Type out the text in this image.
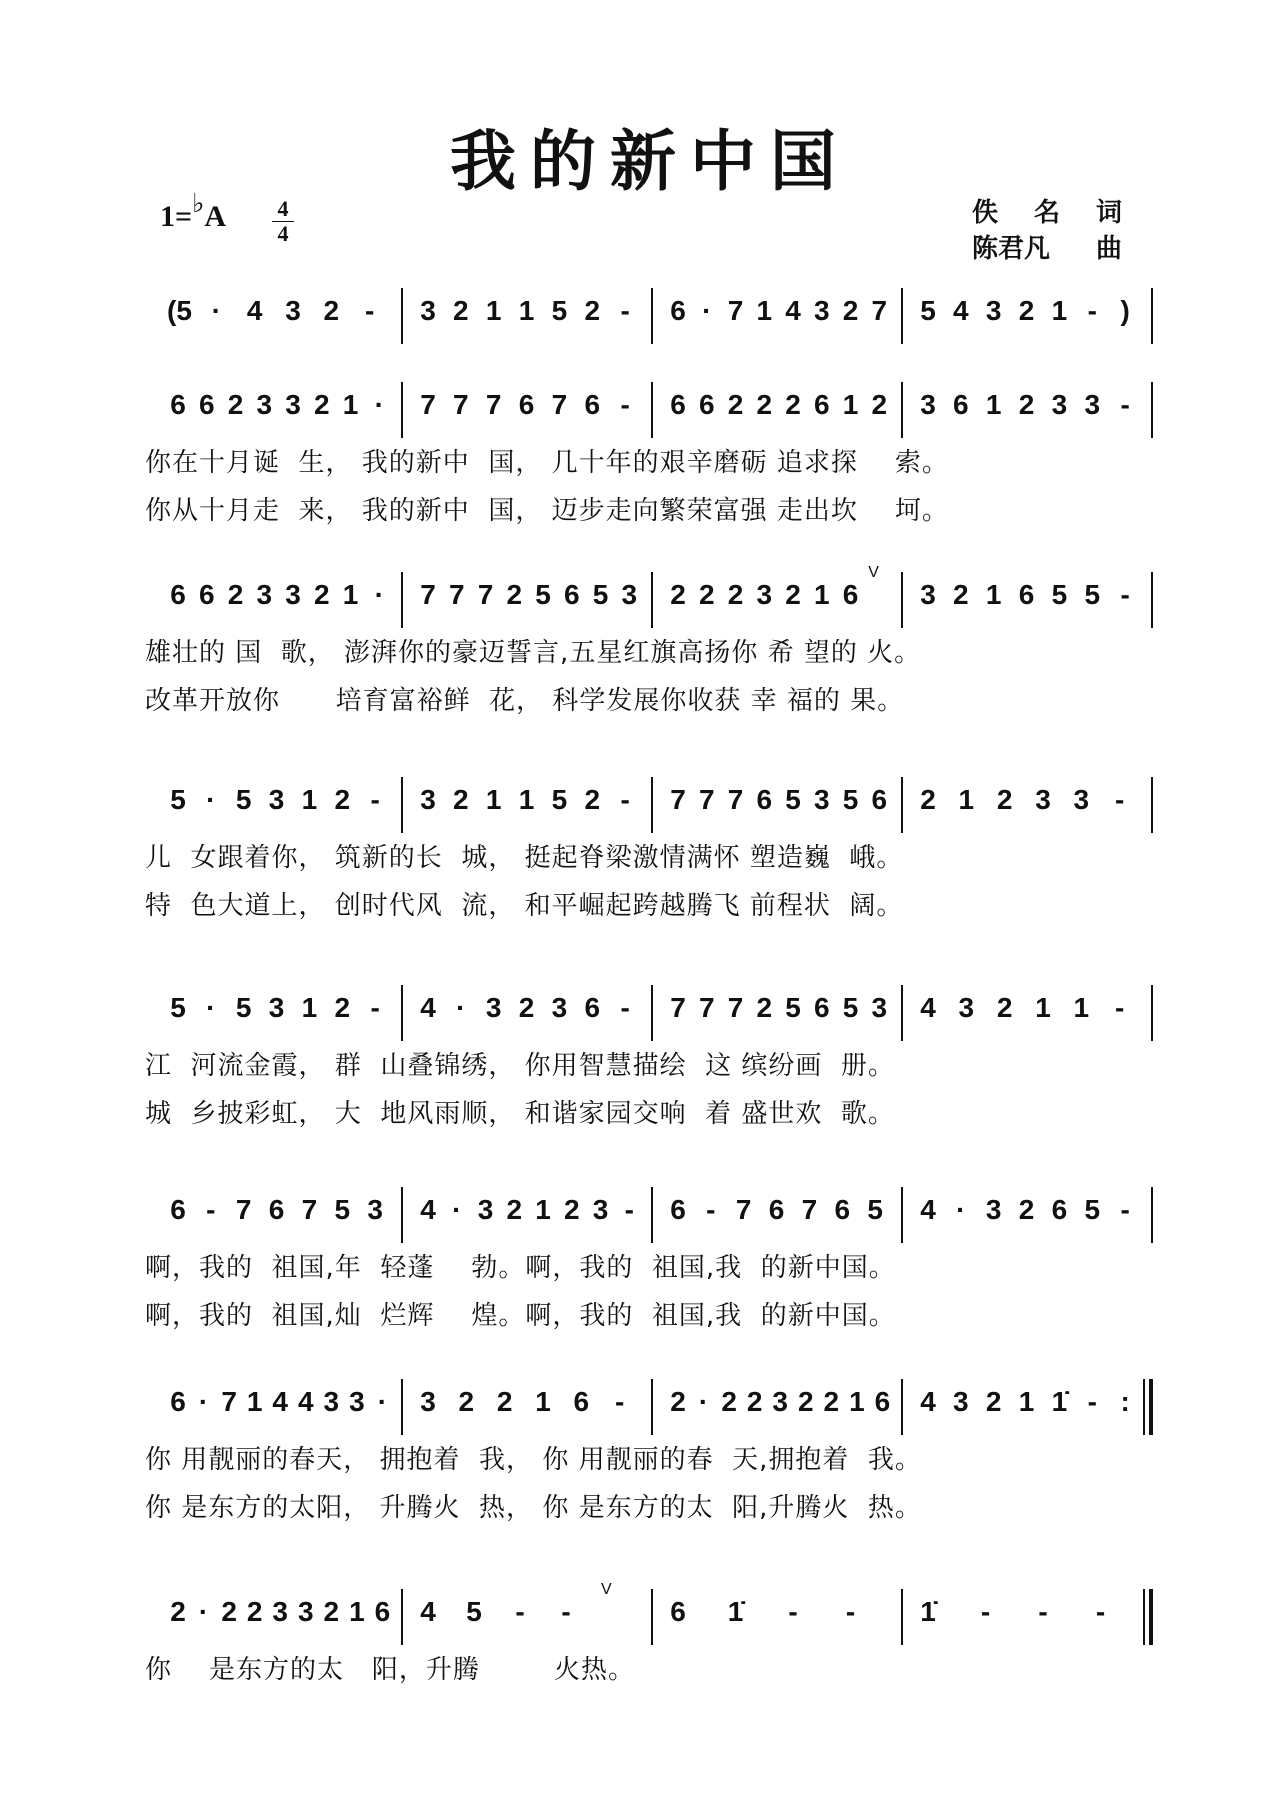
我的新中国
1=♭A 4
4
佚 名 词
陈君凡 曲
(5 · 4 3 2 - 3 2 1 1 5 2 - 6 · 7 1 4 3 2 7 5 4 3 2 1 - )
6 6 2 3 3 2 1 · 7 7 7 6 7 6 - 6 6 2 2 2 6 1 2 3 6 1 2 3 3 -
你在十月诞  生， 我的新中  国， 几十年的艰辛磨砺 追求探    索。
你从十月走  来， 我的新中  国， 迈步走向繁荣富强 走出坎    坷。
6 6 2 3 3 2 1 · 7 7 7 2 5 6 5 3 2 2 2 3 2 1 6
V
3 2 1 6 5 5 -
雄壮的 国  歌， 澎湃你的豪迈誓言,五星红旗高扬你 希 望的 火。
改革开放你      培育富裕鲜  花， 科学发展你收获 幸 福的 果。
5 · 5 3 1 2 - 3 2 1 1 5 2 - 7 7 7 6 5 3 5 6 2 1 2 3 3 -
儿  女跟着你， 筑新的长  城， 挺起脊梁激情满怀 塑造巍  峨。
特  色大道上， 创时代风  流， 和平崛起跨越腾飞 前程状  阔。
5 · 5 3 1 2 - 4 · 3 2 3 6 - 7 7 7 2 5 6 5 3 4 3 2 1 1 -
江  河流金霞， 群  山叠锦绣， 你用智慧描绘  这 缤纷画  册。
城  乡披彩虹， 大  地风雨顺， 和谐家园交响  着 盛世欢  歌。
6 - 7 6 7 5 3 4 · 3 2 1 2 3 - 6 - 7 6 7 6 5 4 · 3 2 6 5 -
啊，我的  祖国,年  轻蓬    勃。啊，我的  祖国,我  的新中国。
啊，我的  祖国,灿  烂辉    煌。啊，我的  祖国,我  的新中国。
6 · 7 1 4 4 3 3 · 3 2 2 1 6 - 2 · 2 2 3 2 2 1 6 4 3 2 1 1̇ - :
你 用靓丽的春天， 拥抱着  我， 你 用靓丽的春  天,拥抱着  我。
你 是东方的太阳， 升腾火  热， 你 是东方的太  阳,升腾火  热。
2 · 2 2 3 3 2 1 6 4 5 - -
V
6 1̇ - - 1̇ - - -
你    是东方的太   阳，升腾        火热。
